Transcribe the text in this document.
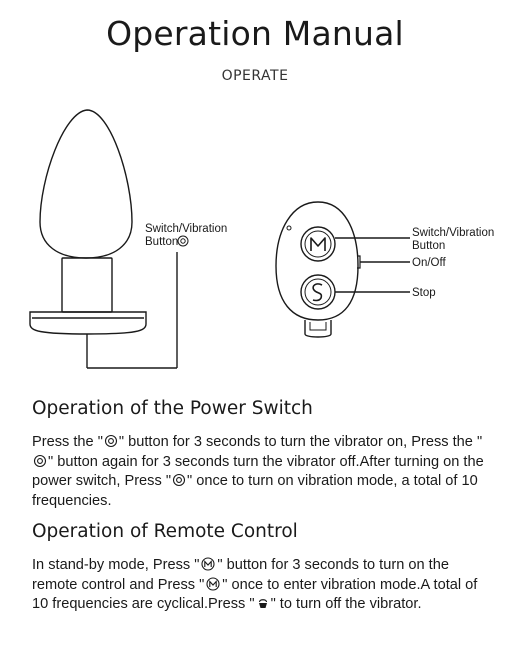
Operation Manual
OPERATE
Switch/Vibration
Button
Switch/Vibration
Button
On/Off
Stop
Operation of the Power Switch

Press the " " button for 3 seconds to turn the vibrator on, Press the "" button again for 3 seconds turn the vibrator off.After turning on the power switch, Press " " once to turn on vibration mode, a total of 10 frequencies.

Operation of Remote Control

In stand-by mode, Press " " button for 3 seconds to turn on the remote control and Press " " once to enter vibration mode.A total of 10 frequencies are cyclical.Press " " to turn off the vibrator.
